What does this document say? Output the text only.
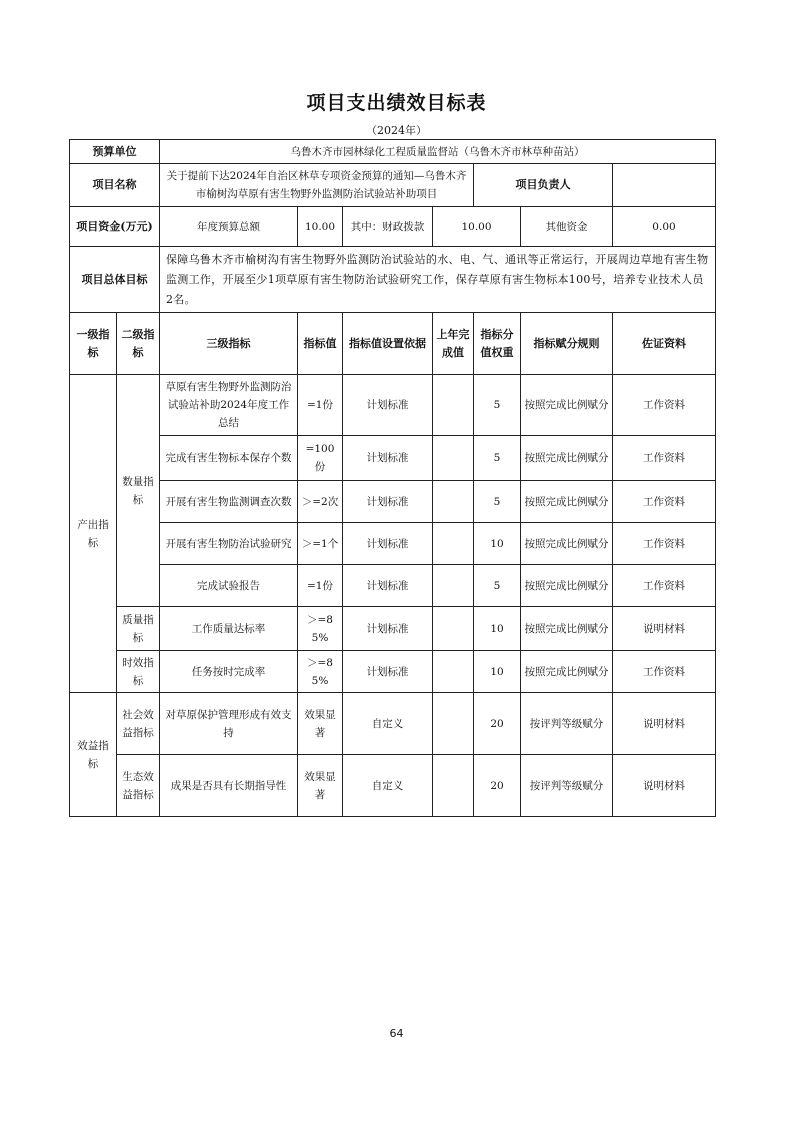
项目支出绩效目标表
（2024年）
预算单位		乌鲁木齐市园林绿化工程质量监督站（乌鲁木齐市林草种苗站）						
项目名称		关于提前下达2024年自治区林草专项资金预算的通知—乌鲁木齐市榆树沟草原有害生物野外监测防治试验站补助项目				项目负责人		
项目资金(万元)		年度预算总额	10.00	其中：财政拨款	10.00		其他资金	0.00
项目总体目标		保障乌鲁木齐市榆树沟有害生物野外监测防治试验站的水、电、气、通讯等正常运行，开展周边草地有害生物监测工作，开展至少1项草原有害生物防治试验研究工作，保存草原有害生物标本100号，培养专业技术人员2名。						
一级指标	二级指标	三级指标	指标值	指标值设置依据	上年完成值	指标分值权重	指标赋分规则	佐证资料
产出指标	数量指标	草原有害生物野外监测防治试验站补助2024年度工作总结	=1份	计划标准		5	按照完成比例赋分	工作资料
		完成有害生物标本保存个数	=100份	计划标准		5	按照完成比例赋分	工作资料
		开展有害生物监测调查次数	＞=2次	计划标准		5	按照完成比例赋分	工作资料
		开展有害生物防治试验研究	＞=1个	计划标准		10	按照完成比例赋分	工作资料
		完成试验报告	=1份	计划标准		5	按照完成比例赋分	工作资料
	质量指标	工作质量达标率	＞=85%	计划标准		10	按照完成比例赋分	说明材料
	时效指标	任务按时完成率	＞=85%	计划标准		10	按照完成比例赋分	工作资料
效益指标	社会效益指标	对草原保护管理形成有效支持	效果显著	自定义		20	按评判等级赋分	说明材料
	生态效益指标	成果是否具有长期指导性	效果显著	自定义		20	按评判等级赋分	说明材料
64
